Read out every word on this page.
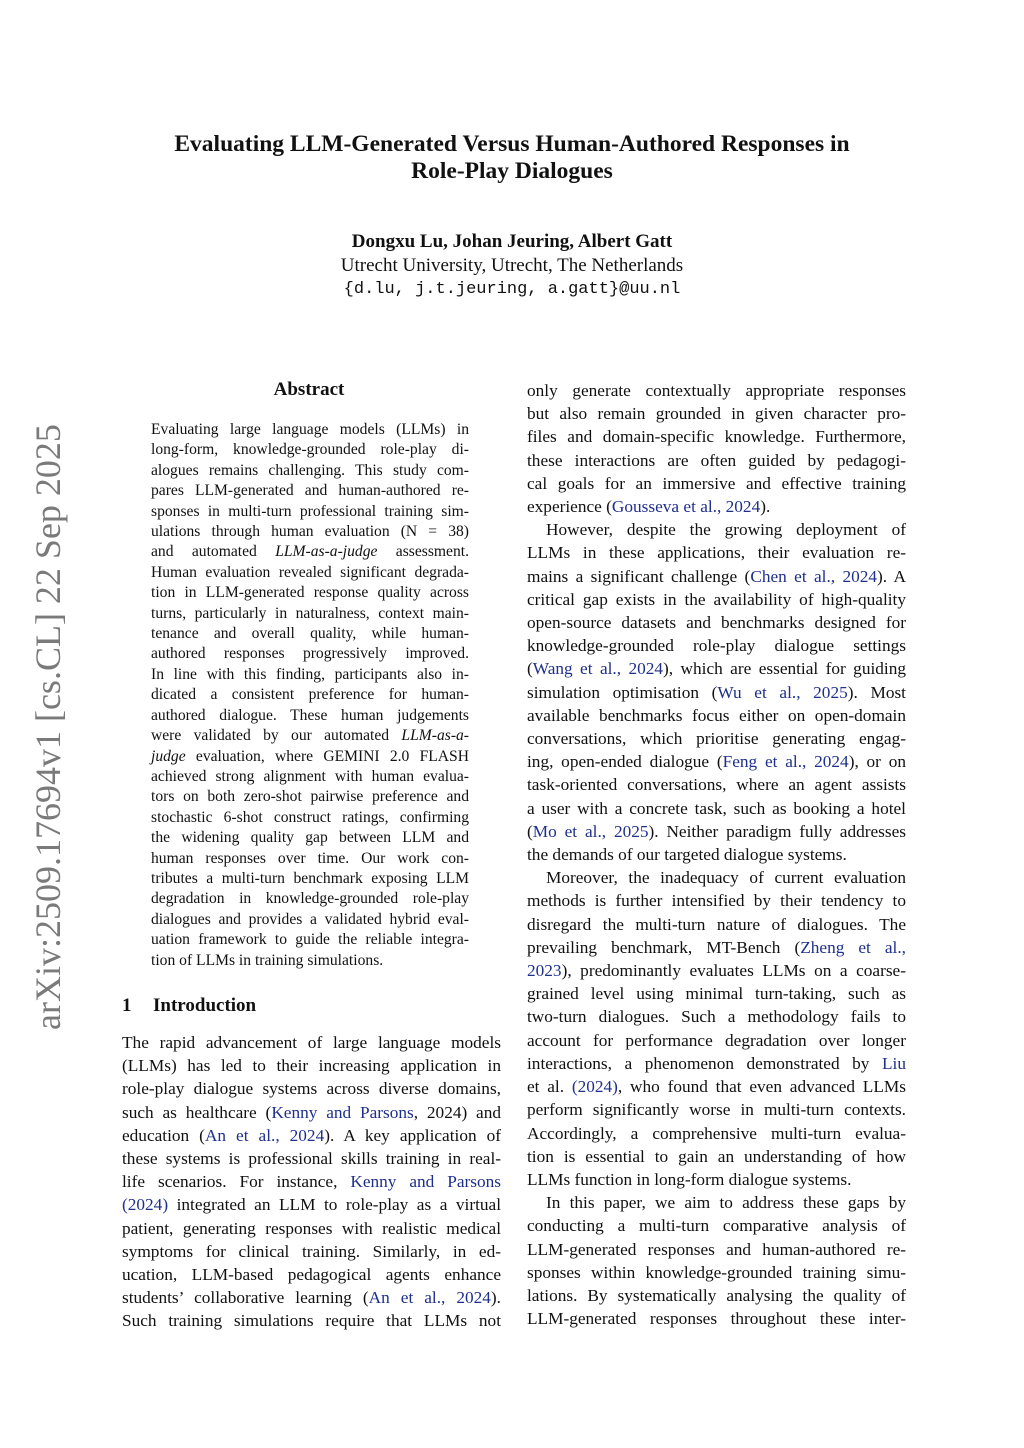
arXiv:2509.17694v1 [cs.CL] 22 Sep 2025
Evaluating LLM-Generated Versus Human-Authored Responses in
Role-Play Dialogues
Dongxu Lu, Johan Jeuring, Albert Gatt
Utrecht University, Utrecht, The Netherlands
{d.lu, j.t.jeuring, a.gatt}@uu.nl
Abstract
Evaluating large language models (LLMs) in
long-form, knowledge-grounded role-play di-
alogues remains challenging. This study com-
pares LLM-generated and human-authored re-
sponses in multi-turn professional training sim-
ulations through human evaluation (N = 38)
and automated LLM-as-a-judge assessment.
Human evaluation revealed significant degrada-
tion in LLM-generated response quality across
turns, particularly in naturalness, context main-
tenance and overall quality, while human-
authored responses progressively improved.
In line with this finding, participants also in-
dicated a consistent preference for human-
authored dialogue. These human judgements
were validated by our automated LLM-as-a-
judge evaluation, where GEMINI 2.0 FLASH
achieved strong alignment with human evalua-
tors on both zero-shot pairwise preference and
stochastic 6-shot construct ratings, confirming
the widening quality gap between LLM and
human responses over time. Our work con-
tributes a multi-turn benchmark exposing LLM
degradation in knowledge-grounded role-play
dialogues and provides a validated hybrid eval-
uation framework to guide the reliable integra-
tion of LLMs in training simulations.
1 Introduction
The rapid advancement of large language models
(LLMs) has led to their increasing application in
role-play dialogue systems across diverse domains,
such as healthcare (Kenny and Parsons, 2024) and
education (An et al., 2024). A key application of
these systems is professional skills training in real-
life scenarios. For instance, Kenny and Parsons
(2024) integrated an LLM to role-play as a virtual
patient, generating responses with realistic medical
symptoms for clinical training. Similarly, in ed-
ucation, LLM-based pedagogical agents enhance
students’ collaborative learning (An et al., 2024).
Such training simulations require that LLMs not
only generate contextually appropriate responses
but also remain grounded in given character pro-
files and domain-specific knowledge. Furthermore,
these interactions are often guided by pedagogi-
cal goals for an immersive and effective training
experience (Gousseva et al., 2024).
However, despite the growing deployment of
LLMs in these applications, their evaluation re-
mains a significant challenge (Chen et al., 2024). A
critical gap exists in the availability of high-quality
open-source datasets and benchmarks designed for
knowledge-grounded role-play dialogue settings
(Wang et al., 2024), which are essential for guiding
simulation optimisation (Wu et al., 2025). Most
available benchmarks focus either on open-domain
conversations, which prioritise generating engag-
ing, open-ended dialogue (Feng et al., 2024), or on
task-oriented conversations, where an agent assists
a user with a concrete task, such as booking a hotel
(Mo et al., 2025). Neither paradigm fully addresses
the demands of our targeted dialogue systems.
Moreover, the inadequacy of current evaluation
methods is further intensified by their tendency to
disregard the multi-turn nature of dialogues. The
prevailing benchmark, MT-Bench (Zheng et al.,
2023), predominantly evaluates LLMs on a coarse-
grained level using minimal turn-taking, such as
two-turn dialogues. Such a methodology fails to
account for performance degradation over longer
interactions, a phenomenon demonstrated by Liu
et al. (2024), who found that even advanced LLMs
perform significantly worse in multi-turn contexts.
Accordingly, a comprehensive multi-turn evalua-
tion is essential to gain an understanding of how
LLMs function in long-form dialogue systems.
In this paper, we aim to address these gaps by
conducting a multi-turn comparative analysis of
LLM-generated responses and human-authored re-
sponses within knowledge-grounded training simu-
lations. By systematically analysing the quality of
LLM-generated responses throughout these inter-
